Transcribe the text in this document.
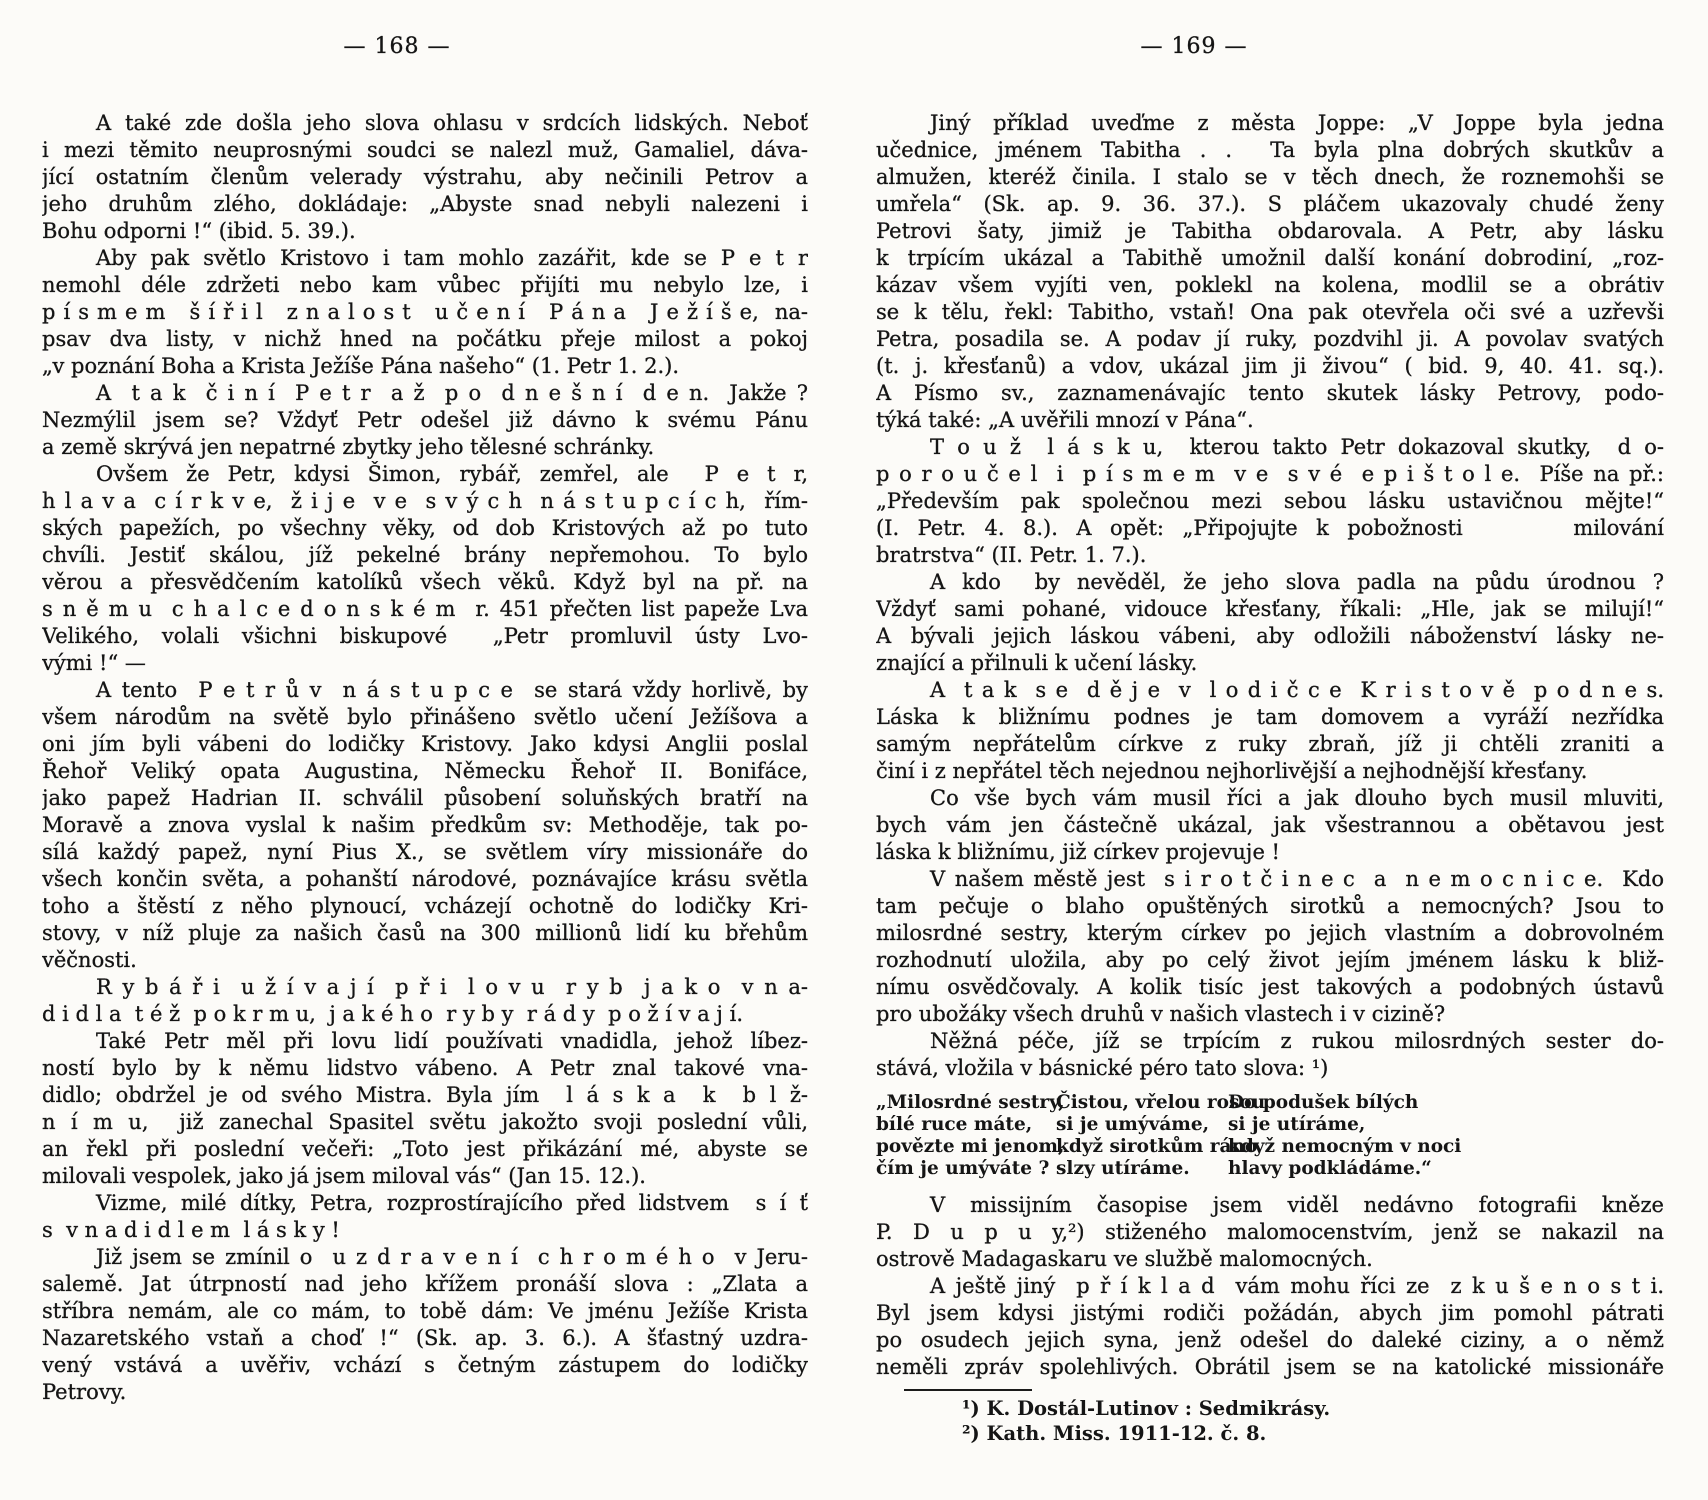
— 168 —
A také zde došla jeho slova ohlasu v srdcích lidských. Neboť
i mezi těmito neuprosnými soudci se nalezl muž, Gamaliel, dáva-
jící ostatním členům velerady výstrahu, aby nečinili Petrov a
jeho druhům zlého, dokládaje: „Abyste snad nebyli nalezeni i
Bohu odporni !“ (ibid. 5. 39.).
Aby pak světlo Kristovo i tam mohlo zazářit, kde se P e t r
nemohl déle zdržeti nebo kam vůbec přijíti mu nebylo lze, i
p í s m e m   š í ř i l   z n a l o s t   u č e n í   P á n a   J e ž í š e,  na-
psav dva listy, v nichž hned na počátku přeje milost a pokoj
„v poznání Boha a Krista Ježíše Pána našeho“ (1. Petr 1. 2.).
A  t a k  č i n í  P e t r  a ž  p o  d n e š n í  d e n.  Jakže ?
Nezmýlil jsem se? Vždyť Petr odešel již dávno k svému Pánu
a země skrývá jen nepatrné zbytky jeho tělesné schránky.
Ovšem že Petr, kdysi Šimon, rybář, zemřel, ale  P e t r,
h l a v a  c í r k v e,  ž i j e  v e  s v ý c h  n á s t u p c í c h,  řím-
ských papežích, po všechny věky, od dob Kristových až po tuto
chvíli. Jestiť skálou, jíž pekelné brány nepřemohou. To bylo
věrou a přesvědčením katolíků všech věků. Když byl na př. na
s n ě m u  c h a l c e d o n s k é m  r. 451 přečten list papeže Lva
Velikého, volali všichni biskupové  „Petr promluvil ústy Lvo-
vými !“ —
A tento  P e t r ů v  n á s t u p c e  se stará vždy horlivě, by
všem národům na světě bylo přinášeno světlo učení Ježíšova a
oni jím byli vábeni do lodičky Kristovy. Jako kdysi Anglii poslal
Řehoř Veliký opata Augustina, Německu Řehoř II. Bonifáce,
jako papež Hadrian II. schválil působení soluňských bratří na
Moravě a znova vyslal k našim předkům sv: Methoděje, tak po-
sílá každý papež, nyní Pius X., se světlem víry missionáře do
všech končin světa, a pohanští národové, poznávajíce krásu světla
toho a štěstí z něho plynoucí, vcházejí ochotně do lodičky Kri-
stovy, v níž pluje za našich časů na 300 millionů lidí ku břehům
věčnosti.
R y b á ř i  u ž í v a j í  p ř i  l o v u  r y b  j a k o  v n a-
d i d l a  t é ž  p o k r m u,  j a k é h o  r y b y  r á d y  p o ž í v a j í.
Také Petr měl při lovu lidí používati vnadidla, jehož líbez-
ností bylo by k němu lidstvo vábeno. A Petr znal takové vna-
didlo; obdržel je od svého Mistra. Byla jím  l á s k a  k  b l ž-
n í m u,  již zanechal Spasitel světu jakožto svoji poslední vůli,
an řekl při poslední večeři: „Toto jest přikázání mé, abyste se
milovali vespolek, jako já jsem miloval vás“ (Jan 15. 12.).
Vizme, milé dítky, Petra, rozprostírajícího před lidstvem  s í ť
s  v n a d i d l e m  l á s k y !
Již jsem se zmínil o  u z d r a v e n í  c h r o m é h o  v Jeru-
salemě. Jat útrpností nad jeho křížem pronáší slova : „Zlata a
stříbra nemám, ale co mám, to tobě dám: Ve jménu Ježíše Krista
Nazaretského vstaň a choď !“ (Sk. ap. 3. 6.). A šťastný uzdra-
vený vstává a uvěřiv, vchází s četným zástupem do lodičky
Petrovy.
— 169 —
Jiný příklad uveďme z města Joppe: „V Joppe byla jedna
učednice, jménem Tabitha . .  Ta byla plna dobrých skutkův a
almužen, kteréž činila. I stalo se v těch dnech, že roznemohši se
umřela“ (Sk. ap. 9. 36. 37.). S pláčem ukazovaly chudé ženy
Petrovi šaty, jimiž je Tabitha obdarovala. A Petr, aby lásku
k trpícím ukázal a Tabithě umožnil další konání dobrodiní, „roz-
kázav všem vyjíti ven, poklekl na kolena, modlil se a obrátiv
se k tělu, řekl: Tabitho, vstaň! Ona pak otevřela oči své a uzřevši
Petra, posadila se. A podav jí ruky, pozdvihl ji. A povolav svatých
(t. j. křesťanů) a vdov, ukázal jim ji živou“ ( bid. 9, 40. 41. sq.).
A Písmo sv., zaznamenávajíc tento skutek lásky Petrovy, podo-
týká také: „A uvěřili mnozí v Pána“.
T o u ž  l á s k u,  kterou takto Petr dokazoval skutky,  d o-
p o r o u č e l  i  p í s m e m  v e  s v é  e p i š t o l e.  Píše na př.:
„Především pak společnou mezi sebou lásku ustavičnou mějte!“
(I. Petr. 4. 8.). A opět: „Připojujte k pobožnosti      milování
bratrstva“ (II. Petr. 1. 7.).
A kdo  by nevěděl, že jeho slova padla na půdu úrodnou ?
Vždyť sami pohané, vidouce křesťany, říkali: „Hle, jak se milují!“
A bývali jejich láskou vábeni, aby odložili náboženství lásky ne-
znající a přilnuli k učení lásky.
A  t a k  s e  d ě j e  v  l o d i č c e  K r i s t o v ě  p o d n e s.
Láska k bližnímu podnes je tam domovem a vyráží nezřídka
samým nepřátelům církve z ruky zbraň, jíž ji chtěli zraniti a
činí i z nepřátel těch nejednou nejhorlivější a nejhodnější křesťany.
Co vše bych vám musil říci a jak dlouho bych musil mluviti,
bych vám jen částečně ukázal, jak všestrannou a obětavou jest
láska k bližnímu, již církev projevuje !
V našem městě jest  s i r o t č i n e c  a  n e m o c n i c e.  Kdo
tam pečuje o blaho opuštěných sirotků a nemocných? Jsou to
milosrdné sestry, kterým církev po jejich vlastním a dobrovolném
rozhodnutí uložila, aby po celý život jejím jménem lásku k bliž-
nímu osvědčovaly. A kolik tisíc jest takových a podobných ústavů
pro ubožáky všech druhů v našich vlastech i v cizině?
Něžná péče, jíž se trpícím z rukou milosrdných sester do-
stává, vložila v básnické péro tato slova: ¹)
„Milosrdné sestry,
bílé ruce máte,
povězte mi jenom,
čím je umýváte ?
Čistou, vřelou rosou
si je umýváme,
když sirotkům ráno
slzy utíráme.
Do podušek bílých
si je utíráme,
když nemocným v noci
hlavy podkládáme.“
V missijním časopise jsem viděl nedávno fotografii kněze
P. D u p u y,²) stiženého malomocenstvím, jenž se nakazil na
ostrově Madagaskaru ve službě malomocných.
A ještě jiný  p ř í k l a d  vám mohu říci ze  z k u š e n o s t i.
Byl jsem kdysi jistými rodiči požádán, abych jim pomohl pátrati
po osudech jejich syna, jenž odešel do daleké ciziny, a o němž
neměli zpráv spolehlivých. Obrátil jsem se na katolické missionáře
¹) K. Dostál-Lutinov : Sedmikrásy.
²) Kath. Miss. 1911-12. č. 8.
